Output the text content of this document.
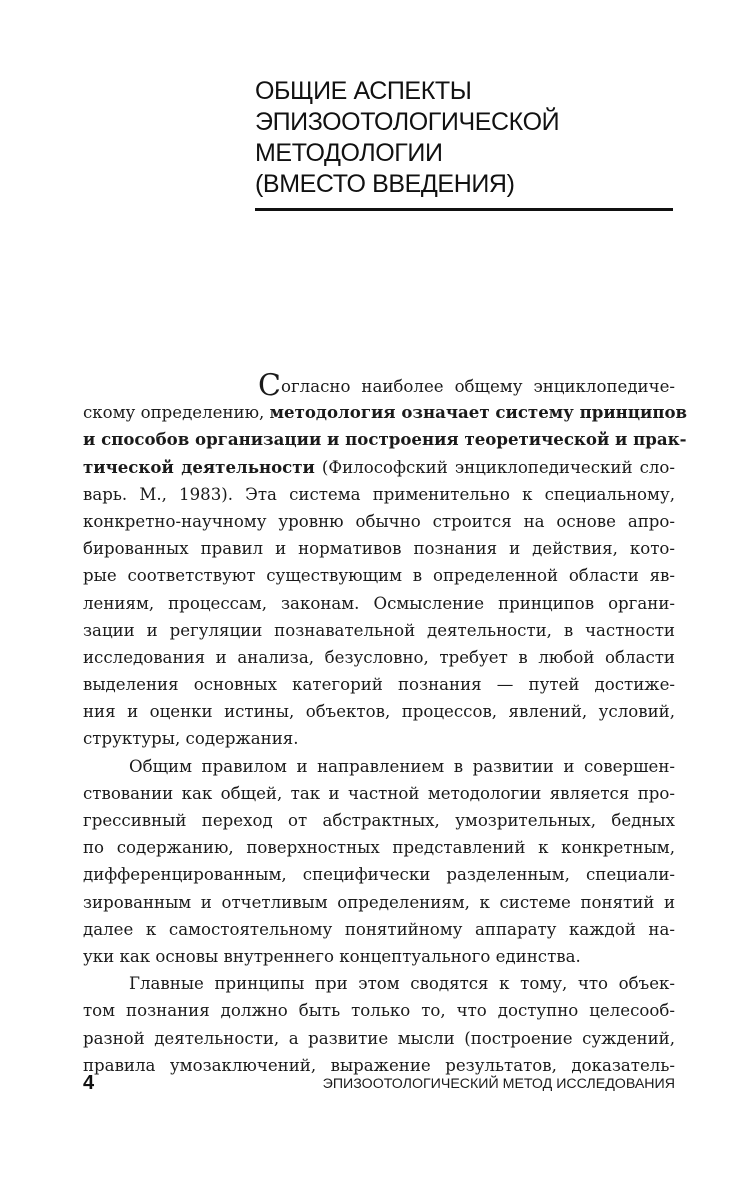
ОБЩИЕ АСПЕКТЫ
ЭПИЗООТОЛОГИЧЕСКОЙ
МЕТОДОЛОГИИ
(ВМЕСТО ВВЕДЕНИЯ)
Согласно наиболее общему энциклопедиче-
скому определению, методология означает систему принципов
и способов организации и построения теоретической и прак-
тической деятельности (Философский энциклопедический сло-
варь. М., 1983). Эта система применительно к специальному,
конкретно-научному уровню обычно строится на основе апро-
бированных правил и нормативов познания и действия, кото-
рые соответствуют существующим в определенной области яв-
лениям, процессам, законам. Осмысление принципов органи-
зации и регуляции познавательной деятельности, в частности
исследования и анализа, безусловно, требует в любой области
выделения основных категорий познания — путей достиже-
ния и оценки истины, объектов, процессов, явлений, условий,
структуры, содержания.
Общим правилом и направлением в развитии и совершен-
ствовании как общей, так и частной методологии является про-
грессивный переход от абстрактных, умозрительных, бедных
по содержанию, поверхностных представлений к конкретным,
дифференцированным, специфически разделенным, специали-
зированным и отчетливым определениям, к системе понятий и
далее к самостоятельному понятийному аппарату каждой на-
уки как основы внутреннего концептуального единства.
Главные принципы при этом сводятся к тому, что объек-
том познания должно быть только то, что доступно целесооб-
разной деятельности, а развитие мысли (построение суждений,
правила умозаключений, выражение результатов, доказатель-
4	ЭПИЗООТОЛОГИЧЕСКИЙ МЕТОД ИССЛЕДОВАНИЯ
